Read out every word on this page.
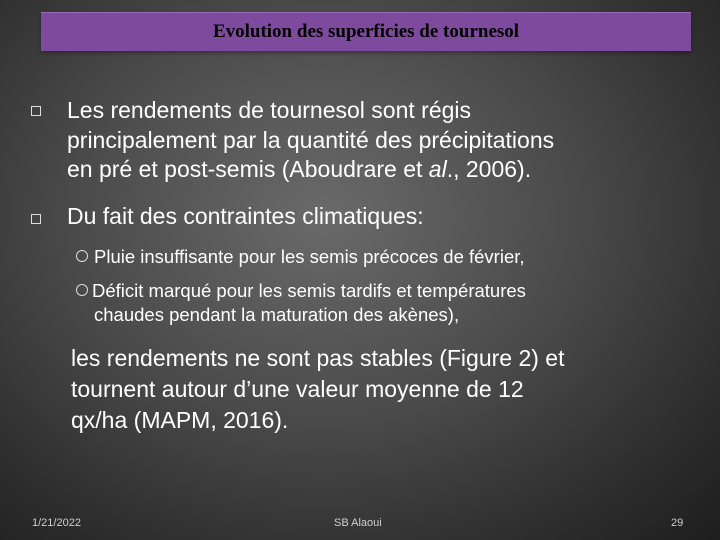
Evolution des superficies de tournesol
Les rendements de tournesol sont régis
principalement par la quantité des précipitations
en pré et post-semis (Aboudrare et al., 2006).
Du fait des contraintes climatiques:
Pluie insuffisante pour les semis précoces de février,
Déficit marqué pour les semis tardifs et températures
chaudes pendant la maturation des akènes),
les rendements ne sont pas stables (Figure 2) et
tournent autour d’une valeur moyenne de 12
qx/ha (MAPM, 2016).
1/21/2022	SB Alaoui	29
